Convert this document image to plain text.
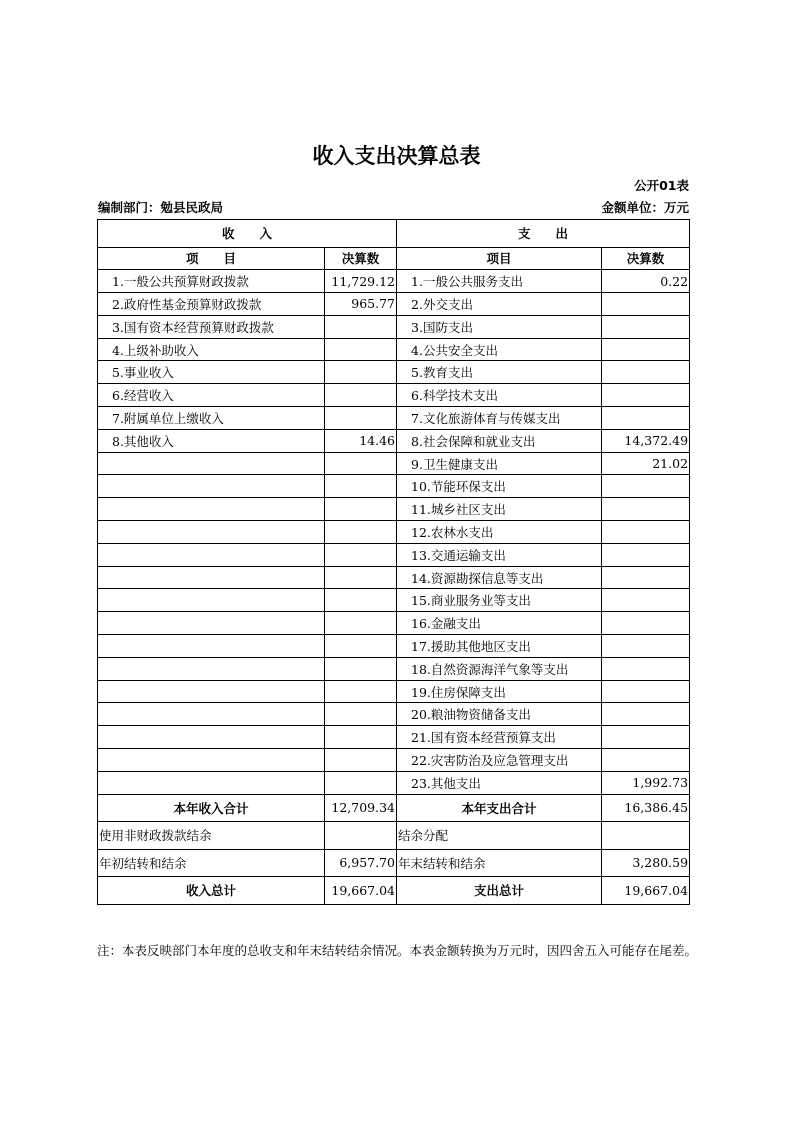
收入支出决算总表
公开01表
编制部门：勉县民政局	金额单位：万元
收　　入		支　　出	
项　　目	决算数	项目	决算数
1.一般公共预算财政拨款	11,729.12	1.一般公共服务支出	0.22
2.政府性基金预算财政拨款	965.77	2.外交支出	
3.国有资本经营预算财政拨款		3.国防支出	
4.上级补助收入		4.公共安全支出	
5.事业收入		5.教育支出	
6.经营收入		6.科学技术支出	
7.附属单位上缴收入		7.文化旅游体育与传媒支出	
8.其他收入	14.46	8.社会保障和就业支出	14,372.49
		9.卫生健康支出	21.02
		10.节能环保支出	
		11.城乡社区支出	
		12.农林水支出	
		13.交通运输支出	
		14.资源勘探信息等支出	
		15.商业服务业等支出	
		16.金融支出	
		17.援助其他地区支出	
		18.自然资源海洋气象等支出	
		19.住房保障支出	
		20.粮油物资储备支出	
		21.国有资本经营预算支出	
		22.灾害防治及应急管理支出	
		23.其他支出	1,992.73
本年收入合计	12,709.34	本年支出合计	16,386.45
使用非财政拨款结余		结余分配	
年初结转和结余	6,957.70	年末结转和结余	3,280.59
收入总计	19,667.04	支出总计	19,667.04
注：本表反映部门本年度的总收支和年末结转结余情况。本表金额转换为万元时，因四舍五入可能存在尾差。
